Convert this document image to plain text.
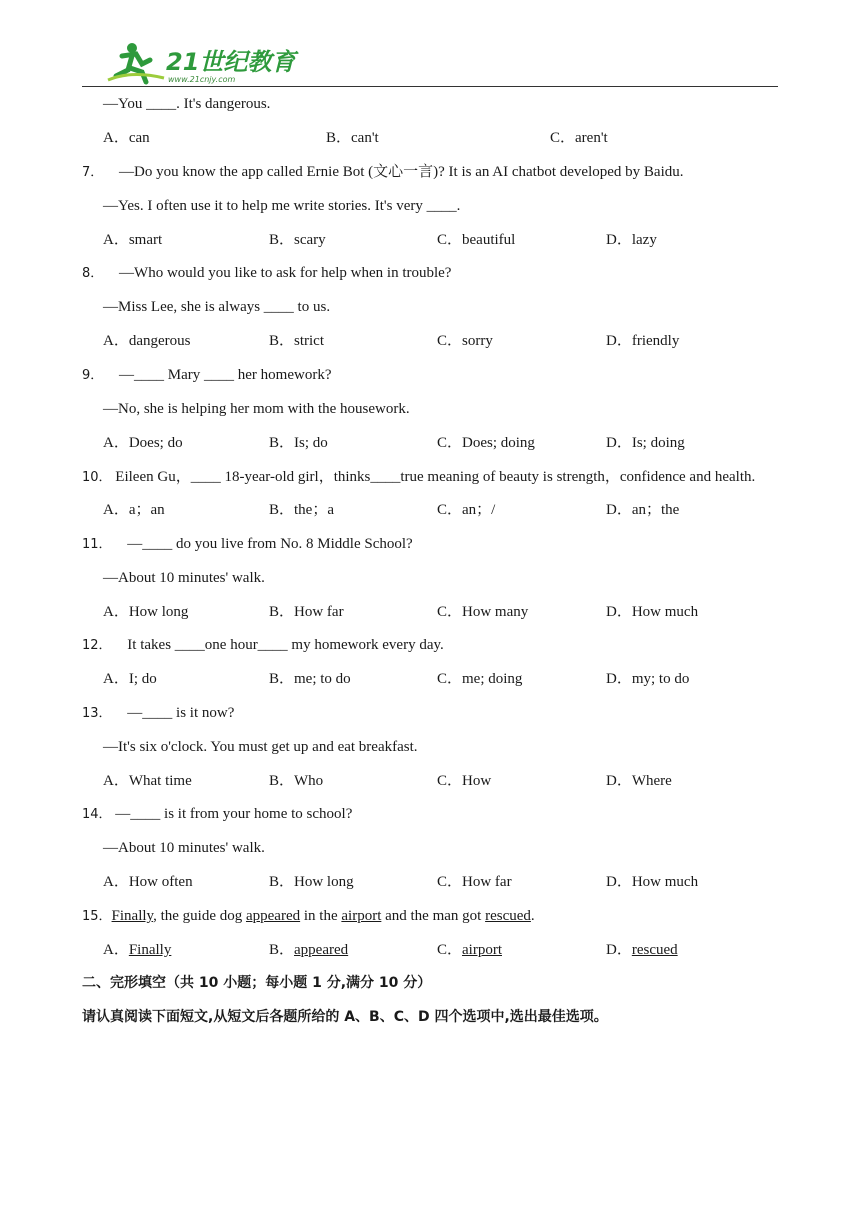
21世纪教育
www.21cnjy.com
—You ____. It's dangerous.
A．can	B．can't	C．aren't
7． —Do you know the app called Ernie Bot (文心一言)? It is an AI chatbot developed by Baidu.
—Yes. I often use it to help me write stories. It's very ____.
A．smart	B．scary	C．beautiful	D．lazy
8． —Who would you like to ask for help when in trouble?
—Miss Lee, she is always ____ to us.
A．dangerous	B．strict	C．sorry	D．friendly
9． —____ Mary ____ her homework?
—No, she is helping her mom with the housework.
A．Does; do	B．Is; do	C．Does; doing	D．Is; doing
10． Eileen Gu，____ 18-year-old girl，thinks____true meaning of beauty is strength，confidence and health.
A．a；an	B．the；a	C．an；/	D．an；the
11． —____ do you live from No. 8 Middle School?
—About 10 minutes' walk.
A．How long	B．How far	C．How many	D．How much
12． It takes ____one hour____ my homework every day.
A．I; do	B．me; to do	C．me; doing	D．my; to do
13． —____ is it now?
—It's six o'clock. You must get up and eat breakfast.
A．What time	B．Who	C．How	D．Where
14． —____ is it from your home to school?
—About 10 minutes' walk.
A．How often	B．How long	C．How far	D．How much
15．Finally, the guide dog appeared in the airport and the man got rescued.
A．Finally	B．appeared	C．airport	D．rescued
二、完形填空（共 10 小题；每小题 1 分,满分 10 分）
请认真阅读下面短文,从短文后各题所给的 A、B、C、D 四个选项中,选出最佳选项。
